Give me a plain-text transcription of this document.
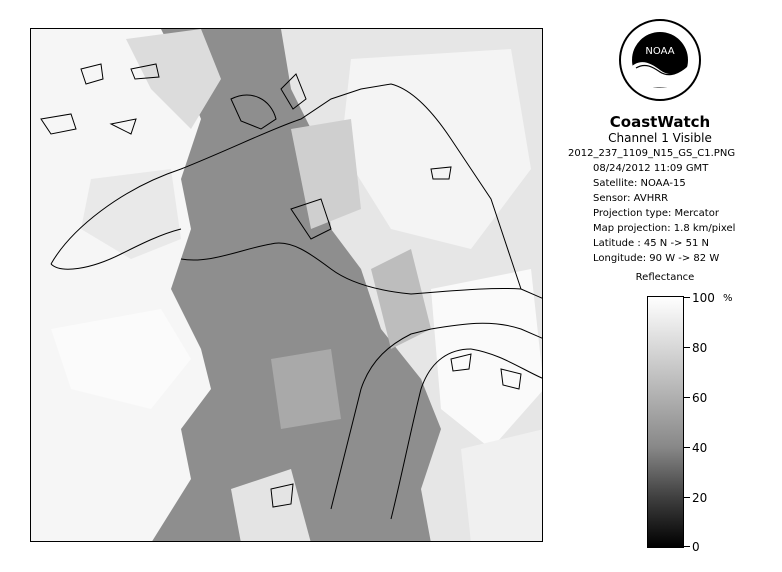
NOAA
CoastWatch
Channel 1 Visible
2012_237_1109_N15_GS_C1.PNG
08/24/2012 11:09 GMT
Satellite: NOAA-15
Sensor: AVHRR
Projection type: Mercator
Map projection: 1.8 km/pixel
Latitude : 45 N -> 51 N
Longitude: 90 W -> 82 W
Reflectance
%
100
80
60
40
20
0
